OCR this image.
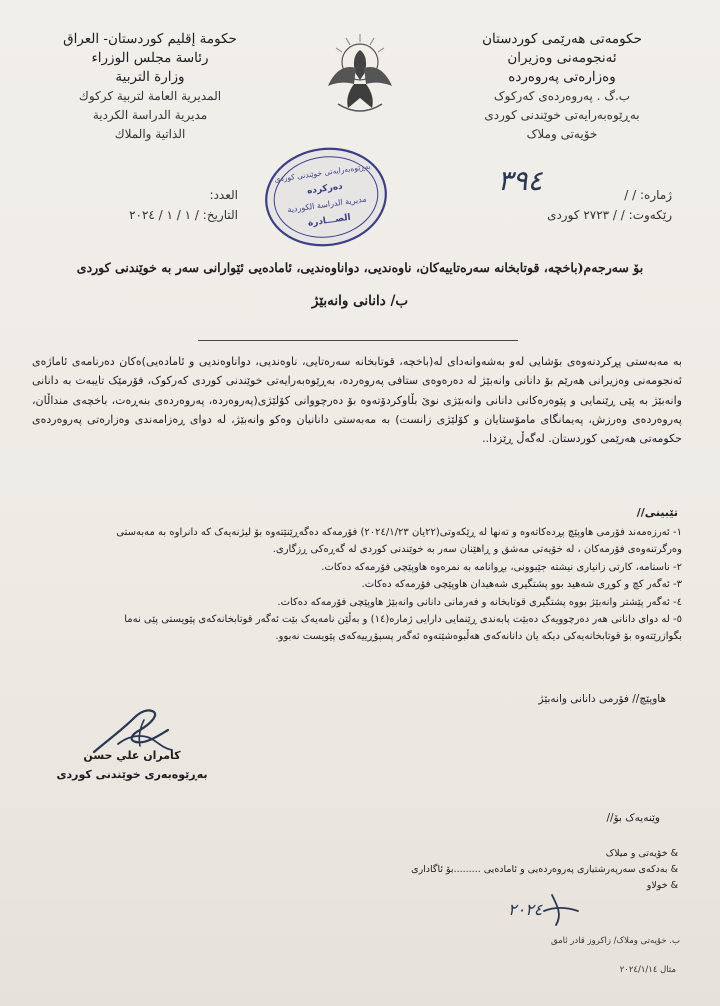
حكومة إقليم كوردستان- العراق
رئاسة مجلس الوزراء
وزارة التربية
المديرية العامة لتربية كركوك
مديرية الدراسة الكردية
الذاتية والملاك
حکومەتی هەرێمی کوردستان
ئەنجومەنی وەزیران
وەزارەتی پەروەردە
ب.گ . پەروەردەی کەرکوک
بەڕێوەبەرایەتی خوێندنی کوردی
خۆیەتی وملاک
بەڕێوەبەرایەتی خوێندنی کوردی
دەرکردە
مديرية الدراسة الكوردية
الصـــادرة
العدد:
التاريخ: / ١ / ١ / ٢٠٢٤
٣٩٤	ژمارە: / /
رێکەوت: / / ٢٧٢٣ کوردی
بۆ سەرجەم(باخچە، قوتابخانە سەرەتاییەکان، ناوەندیی، دواناوەندیی، ئامادەیی ئێوارانی سەر بە خوێندنی کوردی
ب/ دانانی وانەبێژ
بە مەبەستی پڕکردنەوەی بۆشایی لەو بەشەوانەدای لە(باخچە، قوتابخانە سەرەتایی، ناوەندیی، دواناوەندیی و ئامادەیی)ەکان دەرنامەی ئاماژەی ئەنجومەنی وەزیرانی هەرێم بۆ دانانی وانەبێژ لە دەرەوەی ستافی پەروەردە، بەڕێوەبەرایەتی خوێندنی کوردی کەرکوک، فۆرمێک تایبەت بە دانانی وانەبێژ بە پێی ڕێنمایی و پێوەرەکانی دانانی وانەبێژی نوێ بڵاوکردۆتەوە بۆ دەرچووانی کۆلێژی(پەروەردە، پەروەردەی بنەڕەت، باخچەی منداڵان، پەروەردەی وەرزش، پەیمانگای مامۆستایان و کۆلێژی زانست) بە مەبەستی دانانیان وەکو وانەبێژ، لە دوای ڕەزامەندی وەزارەتی پەروەردەی حکومەتی هەرێمی کوردستان. لەگەڵ ڕێزدا..
تێبینی//
١- ئەرزەمەند فۆرمی هاوپێچ پڕدەکاتەوە و تەنها لە ڕێکەوتی(٢٢یان ٢٠٢٤/١/٢٣) فۆرمەکە دەگەڕێنێتەوە بۆ لیژنەیەک کە دانراوە بە مەبەستی
وەرگرتنەوەی فۆرمەکان ، لە خۆیەتی مەشق و ڕاهێنان سەر بە خوێندنی کوردی لە گەڕەکی ڕزگاری.
٢- ناسنامە، کارتی زانیاری نیشتە جێبوونی، بڕوانامە بە نمرەوە هاوپێچی فۆرمەکە دەکات.
٣- ئەگەر کچ و کوڕی شەهید بوو پشتگیری شەهیدان هاوپێچی فۆرمەکە دەکات.
٤- ئەگەر پێشتر وانەبێژ بووە پشتگیری قوتابخانە و فەرمانی دانانی وانەبێژ هاوپێچی فۆرمەکە دەکات.
٥- لە دوای دانانی هەر دەرچوویەک دەبێت پابەندی ڕێنمایی دارایی ژمارە(١٤) و بەڵێن نامەیەک بێت ئەگەر قوتابخانەکەی پێویستی پێی نەما
بگوازرێتەوە بۆ قوتابخانەیەکی دیکە یان دانانەکەی هەڵبوەشێتەوە ئەگەر پسپۆڕییەکەی پێویست نەبوو.
هاوپێچ// فۆرمی دانانی وانەبێژ
کامران علي حسن
بەڕێوەبەری خوێندنی کوردی
وێنەیەک بۆ//
& خۆیەتی و میلاک
& بەدکەی سەرپەرشتیاری پەروەردەیی و ئامادەیی .........بۆ ئاگاداری
& خولاو
٢٠٢٤
ب. خۆیەتی وملاک/ زاکروز قادر ئامق
مثال ٢٠٢٤/١/١٤
